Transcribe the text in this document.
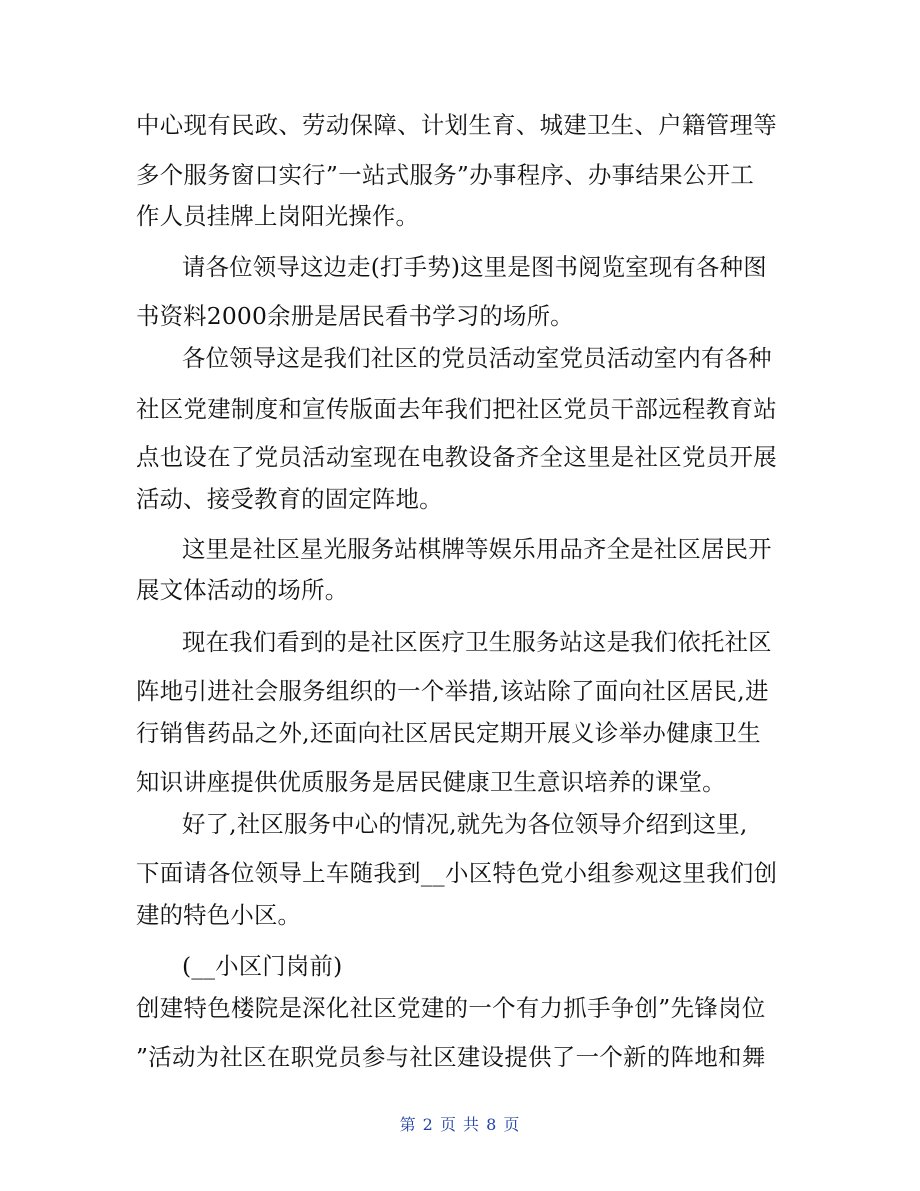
中心现有民政、劳动保障、计划生育、城建卫生、户籍管理等
多个服务窗口实行”一站式服务”办事程序、办事结果公开工
作人员挂牌上岗阳光操作。
请各位领导这边走(打手势)这里是图书阅览室现有各种图
书资料2000余册是居民看书学习的场所。
各位领导这是我们社区的党员活动室党员活动室内有各种
社区党建制度和宣传版面去年我们把社区党员干部远程教育站
点也设在了党员活动室现在电教设备齐全这里是社区党员开展
活动、接受教育的固定阵地。
这里是社区星光服务站棋牌等娱乐用品齐全是社区居民开
展文体活动的场所。
现在我们看到的是社区医疗卫生服务站这是我们依托社区
阵地引进社会服务组织的一个举措,该站除了面向社区居民,进
行销售药品之外,还面向社区居民定期开展义诊举办健康卫生
知识讲座提供优质服务是居民健康卫生意识培养的课堂。
好了,社区服务中心的情况,就先为各位领导介绍到这里,
下面请各位领导上车随我到__小区特色党小组参观这里我们创
建的特色小区。
(__小区门岗前)
创建特色楼院是深化社区党建的一个有力抓手争创”先锋岗位
”活动为社区在职党员参与社区建设提供了一个新的阵地和舞
第 2 页 共 8 页
